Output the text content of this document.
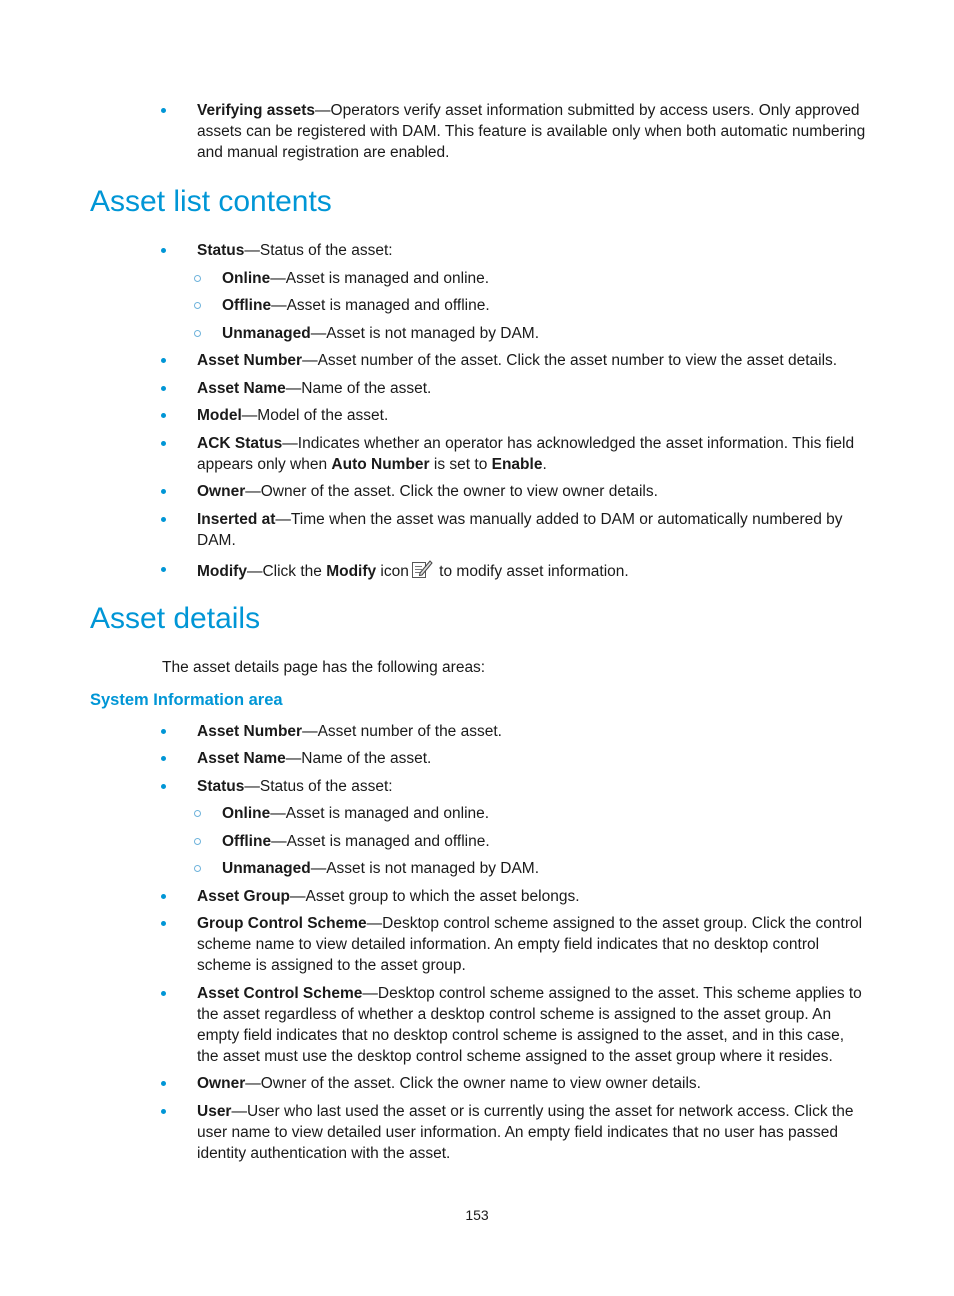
Verifying assets—Operators verify asset information submitted by access users. Only approved assets can be registered with DAM. This feature is available only when both automatic numbering and manual registration are enabled.
Asset list contents
Status—Status of the asset:
Online—Asset is managed and online.
Offline—Asset is managed and offline.
Unmanaged—Asset is not managed by DAM.
Asset Number—Asset number of the asset. Click the asset number to view the asset details.
Asset Name—Name of the asset.
Model—Model of the asset.
ACK Status—Indicates whether an operator has acknowledged the asset information. This field appears only when Auto Number is set to Enable.
Owner—Owner of the asset. Click the owner to view owner details.
Inserted at—Time when the asset was manually added to DAM or automatically numbered by DAM.
Modify—Click the Modify icon to modify asset information.
Asset details
The asset details page has the following areas:
System Information area
Asset Number—Asset number of the asset.
Asset Name—Name of the asset.
Status—Status of the asset:
Online—Asset is managed and online.
Offline—Asset is managed and offline.
Unmanaged—Asset is not managed by DAM.
Asset Group—Asset group to which the asset belongs.
Group Control Scheme—Desktop control scheme assigned to the asset group. Click the control scheme name to view detailed information. An empty field indicates that no desktop control scheme is assigned to the asset group.
Asset Control Scheme—Desktop control scheme assigned to the asset. This scheme applies to the asset regardless of whether a desktop control scheme is assigned to the asset group. An empty field indicates that no desktop control scheme is assigned to the asset, and in this case, the asset must use the desktop control scheme assigned to the asset group where it resides.
Owner—Owner of the asset. Click the owner name to view owner details.
User—User who last used the asset or is currently using the asset for network access. Click the user name to view detailed user information. An empty field indicates that no user has passed identity authentication with the asset.
153
